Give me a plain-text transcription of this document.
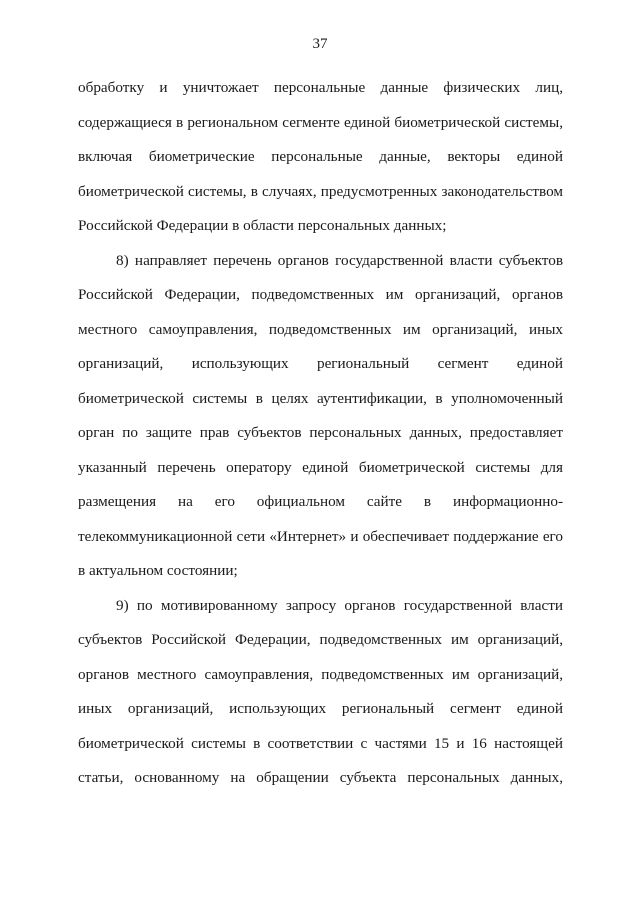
37

обработку и уничтожает персональные данные физических лиц, содержащиеся в региональном сегменте единой биометрической системы, включая биометрические персональные данные, векторы единой биометрической системы, в случаях, предусмотренных законодательством Российской Федерации в области персональных данных;

8) направляет перечень органов государственной власти субъектов Российской Федерации, подведомственных им организаций, органов местного самоуправления, подведомственных им организаций, иных организаций, использующих региональный сегмент единой биометрической системы в целях аутентификации, в уполномоченный орган по защите прав субъектов персональных данных, предоставляет указанный перечень оператору единой биометрической системы для размещения на его официальном сайте в информационно-телекоммуникационной сети «Интернет» и обеспечивает поддержание его в актуальном состоянии;

9) по мотивированному запросу органов государственной власти субъектов Российской Федерации, подведомственных им организаций, органов местного самоуправления, подведомственных им организаций, иных организаций, использующих региональный сегмент единой биометрической системы в соответствии с частями 15 и 16 настоящей статьи, основанному на обращении субъекта персональных данных,
